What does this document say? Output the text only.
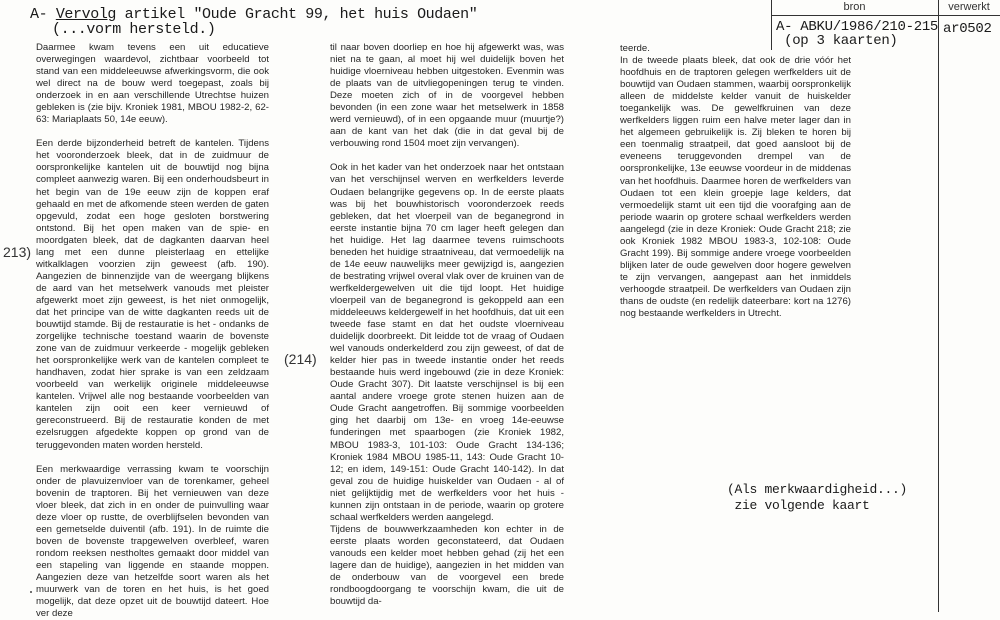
bron	verwerkt
A- ABKU/1986/210-215
(op 3 kaarten)
ar0502
A- Vervolg artikel "Oude Gracht 99, het huis Oudaen"
(...vorm hersteld.)

Daarmee kwam tevens een uit educatieve overwegingen waardevol, zichtbaar voorbeeld tot stand van een middeleeuwse afwerkingsvorm, die ook wel direct na de bouw werd toegepast, zoals bij onderzoek in en aan verschillende Utrechtse huizen gebleken is (zie bijv. Kroniek 1981, MBOU 1982-2, 62-63: Mariaplaats 50, 14e eeuw).

Een derde bijzonderheid betreft de kantelen. Tijdens het vooronderzoek bleek, dat in de zuidmuur de oorspronkelijke kantelen uit de bouwtijd nog bijna compleet aanwezig waren. Bij een onderhoudsbeurt in het begin van de 19e eeuw zijn de koppen eraf gehaald en met de afkomende steen werden de gaten opgevuld, zodat een hoge gesloten borstwering ontstond. Bij het open maken van de spie- en moordgaten bleek, dat de dagkanten daarvan heel lang met een dunne pleisterlaag en ettelijke witkalklagen voorzien zijn geweest (afb. 190). Aangezien de binnenzijde van de weergang blijkens de aard van het metselwerk vanouds met pleister afgewerkt moet zijn geweest, is het niet onmogelijk, dat het principe van de witte dagkanten reeds uit de bouwtijd stamde. Bij de restauratie is het - ondanks de zorgelijke technische toestand waarin de bovenste zone van de zuidmuur verkeerde - mogelijk gebleken het oorspronkelijke werk van de kantelen compleet te handhaven, zodat hier sprake is van een zeldzaam voorbeeld van werkelijk originele middeleeuwse kantelen. Vrijwel alle nog bestaande voorbeelden van kantelen zijn ooit een keer vernieuwd of gereconstrueerd. Bij de restauratie konden de met ezelsruggen afgedekte koppen op grond van de teruggevonden maten worden hersteld.

Een merkwaardige verrassing kwam te voorschijn onder de plavuizenvloer van de torenkamer, geheel bovenin de traptoren. Bij het vernieuwen van deze vloer bleek, dat zich in en onder de puinvulling waar deze vloer op rustte, de overblijfselen bevonden van een gemetselde duiventil (afb. 191). In de ruimte die boven de bovenste trapgewelven overbleef, waren rondom reeksen nestholtes gemaakt door middel van een stapeling van liggende en staande moppen. Aangezien deze van hetzelfde soort waren als het muurwerk van de toren en het huis, is het goed mogelijk, dat deze opzet uit de bouwtijd dateert. Hoe ver deze

til naar boven doorliep en hoe hij afgewerkt was, was niet na te gaan, al moet hij wel duidelijk boven het huidige vloerniveau hebben uitgestoken. Evenmin was de plaats van de uitvliegopeningen terug te vinden. Deze moeten zich of in de voorgevel hebben bevonden (in een zone waar het metselwerk in 1858 werd vernieuwd), of in een opgaande muur (muurtje?) aan de kant van het dak (die in dat geval bij de verbouwing rond 1504 moet zijn vervangen).

Ook in het kader van het onderzoek naar het ontstaan van het verschijnsel werven en werfkelders leverde Oudaen belangrijke gegevens op. In de eerste plaats was bij het bouwhistorisch vooronderzoek reeds gebleken, dat het vloerpeil van de beganegrond in eerste instantie bijna 70 cm lager heeft gelegen dan het huidige. Het lag daarmee tevens ruimschoots beneden het huidige straatniveau, dat vermoedelijk na de 14e eeuw nauwelijks meer gewijzigd is, aangezien de bestrating vrijwel overal vlak over de kruinen van de werfkeldergewelven uit die tijd loopt. Het huidige vloerpeil van de beganegrond is gekoppeld aan een middeleeuws keldergewelf in het hoofdhuis, dat uit een tweede fase stamt en dat het oudste vloerniveau duidelijk doorbreekt. Dit leidde tot de vraag of Oudaen wel vanouds onderkelderd zou zijn geweest, of dat de kelder hier pas in tweede instantie onder het reeds bestaande huis werd ingebouwd (zie in deze Kroniek: Oude Gracht 307). Dit laatste verschijnsel is bij een aantal andere vroege grote stenen huizen aan de Oude Gracht aangetroffen. Bij sommige voorbeelden ging het daarbij om 13e- en vroeg 14e-eeuwse funderingen met spaarbogen (zie Kroniek 1982, MBOU 1983-3, 101-103: Oude Gracht 134-136; Kroniek 1984 MBOU 1985-11, 143: Oude Gracht 10-12; en idem, 149-151: Oude Gracht 140-142). In dat geval zou de huidige huiskelder van Oudaen - al of niet gelijktijdig met de werfkelders voor het huis - kunnen zijn ontstaan in de periode, waarin op grotere schaal werfkelders werden aangelegd.

Tijdens de bouwwerkzaamheden kon echter in de eerste plaats worden geconstateerd, dat Oudaen vanouds een kelder moet hebben gehad (zij het een lagere dan de huidige), aangezien in het midden van de onderbouw van de voorgevel een brede rondboogdoorgang te voorschijn kwam, die uit de bouwtijd da-

teerde.

In de tweede plaats bleek, dat ook de drie vóór het hoofdhuis en de traptoren gelegen werfkelders uit de bouwtijd van Oudaen stammen, waarbij oorspronkelijk alleen de middelste kelder vanuit de huiskelder toegankelijk was. De gewelfkruinen van deze werfkelders liggen ruim een halve meter lager dan in het algemeen gebruikelijk is. Zij bleken te horen bij een toenmalig straatpeil, dat goed aansloot bij de eveneens teruggevonden drempel van de oorspronkelijke, 13e eeuwse voordeur in de middenas van het hoofdhuis. Daarmee horen de werfkelders van Oudaen tot een klein groepje lage kelders, dat vermoedelijk stamt uit een tijd die voorafging aan de periode waarin op grotere schaal werfkelders werden aangelegd (zie in deze Kroniek: Oude Gracht 218; zie ook Kroniek 1982 MBOU 1983-3, 102-108: Oude Gracht 199). Bij sommige andere vroege voorbeelden blijken later de oude gewelven door hogere gewelven te zijn vervangen, aangepast aan het inmiddels verhoogde straatpeil. De werfkelders van Oudaen zijn thans de oudste (en redelijk dateerbare: kort na 1276) nog bestaande werfkelders in Utrecht.

213)
(214)
(Als merkwaardigheid...)
zie volgende kaart
